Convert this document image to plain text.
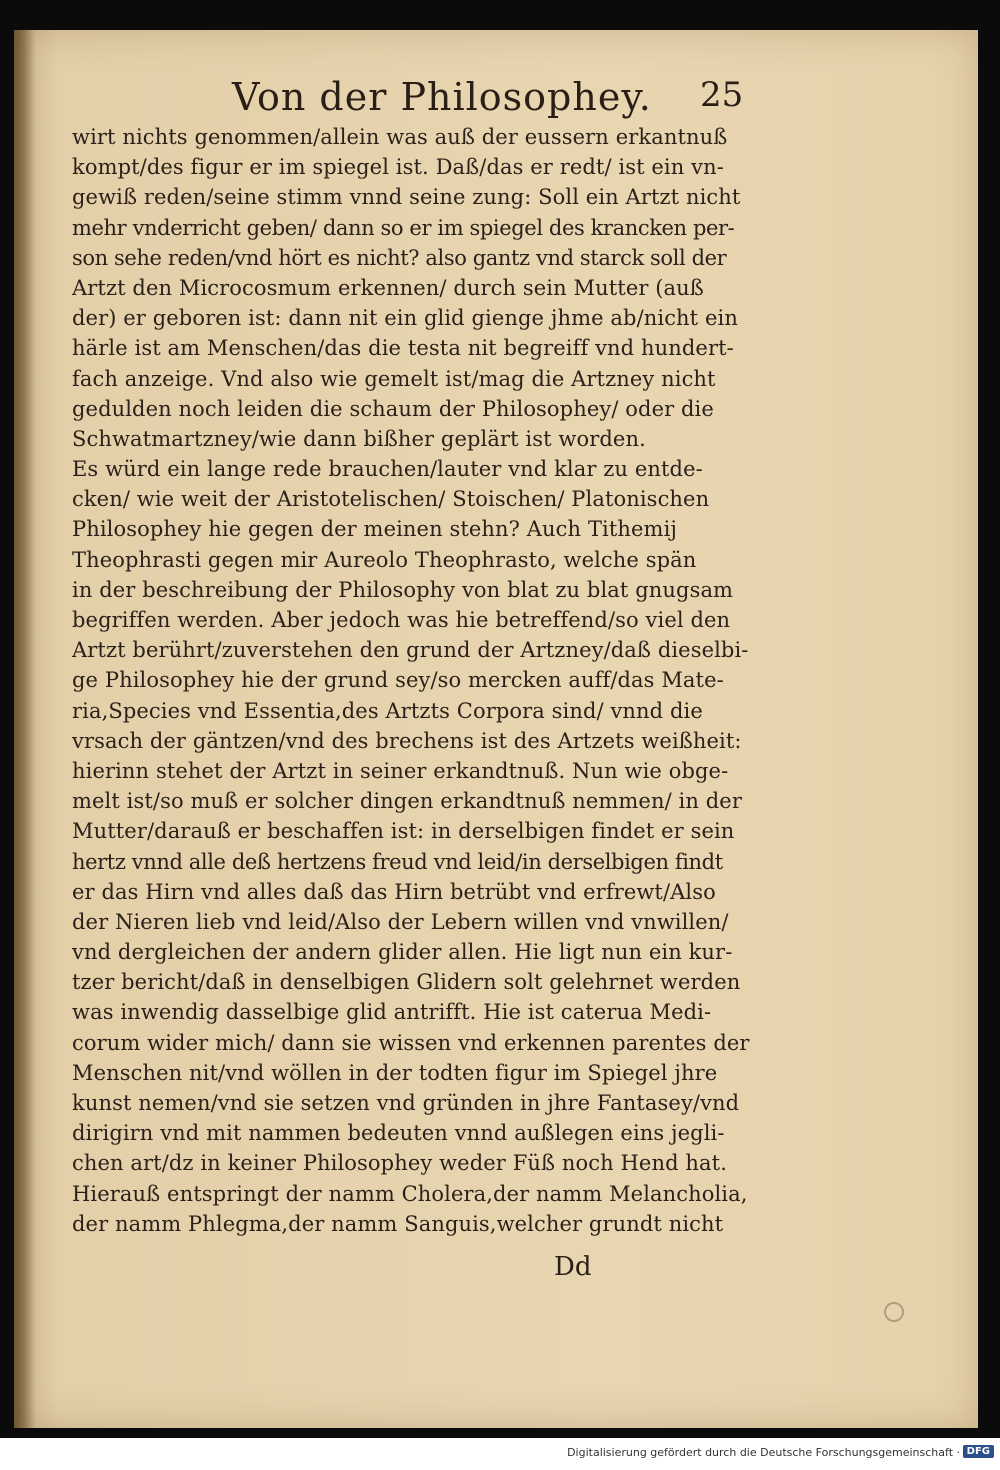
Von der Philosophey.	25
wirt nichts genommen/allein was auß der eussern erkantnuß
kompt/des figur er im spiegel ist. Daß/das er redt/ ist ein vn-
gewiß reden/seine stimm vnnd seine zung: Soll ein Artzt nicht
mehr vnderricht geben/ dann so er im spiegel des krancken per-
son sehe reden/vnd hört es nicht? also gantz vnd starck soll der
Artzt den Microcosmum erkennen/ durch sein Mutter (auß
der) er geboren ist: dann nit ein glid gienge jhme ab/nicht ein
härle ist am Menschen/das die testa nit begreiff vnd hundert-
fach anzeige. Vnd also wie gemelt ist/mag die Artzney nicht
gedulden noch leiden die schaum der Philosophey/ oder die
Schwatmartzney/wie dann bißher geplärt ist worden.
Es würd ein lange rede brauchen/lauter vnd klar zu entde-
cken/ wie weit der Aristotelischen/ Stoischen/ Platonischen
Philosophey hie gegen der meinen stehn? Auch Tithemij
Theophrasti gegen mir Aureolo Theophrasto, welche spän
in der beschreibung der Philosophy von blat zu blat gnugsam
begriffen werden. Aber jedoch was hie betreffend/so viel den
Artzt berührt/zuverstehen den grund der Artzney/daß dieselbi-
ge Philosophey hie der grund sey/so mercken auff/das Mate-
ria,Species vnd Essentia,des Artzts Corpora sind/ vnnd die
vrsach der gäntzen/vnd des brechens ist des Artzets weißheit:
hierinn stehet der Artzt in seiner erkandtnuß. Nun wie obge-
melt ist/so muß er solcher dingen erkandtnuß nemmen/ in der
Mutter/darauß er beschaffen ist: in derselbigen findet er sein
hertz vnnd alle deß hertzens freud vnd leid/in derselbigen findt
er das Hirn vnd alles daß das Hirn betrübt vnd erfrewt/Also
der Nieren lieb vnd leid/Also der Lebern willen vnd vnwillen/
vnd dergleichen der andern glider allen. Hie ligt nun ein kur-
tzer bericht/daß in denselbigen Glidern solt gelehrnet werden
was inwendig dasselbige glid antrifft. Hie ist caterua Medi-
corum wider mich/ dann sie wissen vnd erkennen parentes der
Menschen nit/vnd wöllen in der todten figur im Spiegel jhre
kunst nemen/vnd sie setzen vnd gründen in jhre Fantasey/vnd
dirigirn vnd mit nammen bedeuten vnnd außlegen eins jegli-
chen art/dz in keiner Philosophey weder Füß noch Hend hat.
Hierauß entspringt der namm Cholera,der namm Melancholia,
der namm Phlegma,der namm Sanguis,welcher grundt nicht
Dd
Digitalisierung gefördert durch die Deutsche Forschungsgemeinschaft · DFG
